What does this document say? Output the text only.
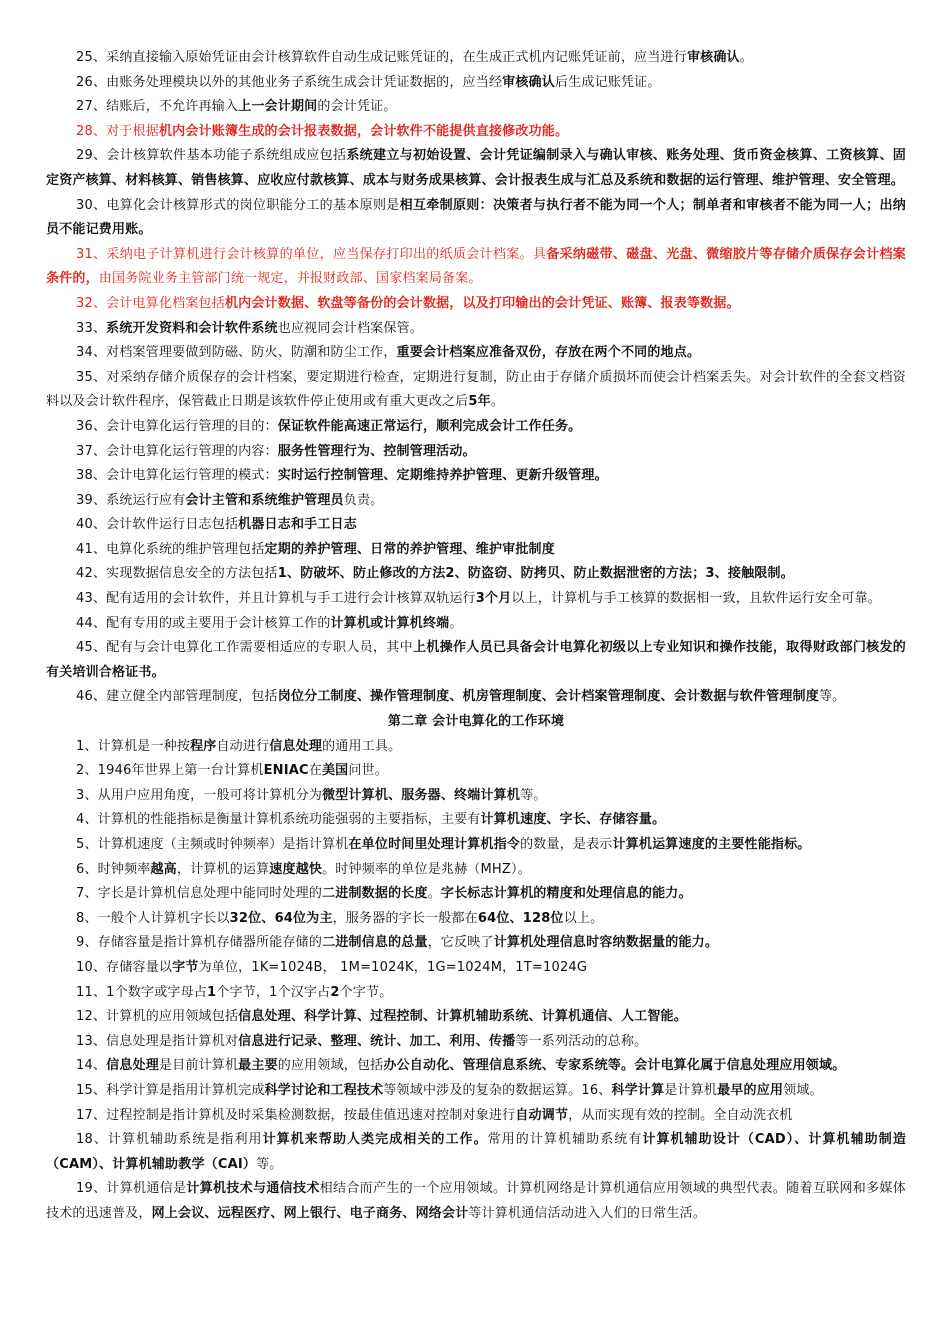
25、采纳直接输入原始凭证由会计核算软件自动生成记账凭证的，在生成正式机内记账凭证前，应当进行审核确认。
26、由账务处理模块以外的其他业务子系统生成会计凭证数据的，应当经审核确认后生成记账凭证。
27、结账后，不允许再输入上一会计期间的会计凭证。
28、对于根据机内会计账簿生成的会计报表数据，会计软件不能提供直接修改功能。
29、会计核算软件基本功能子系统组成应包括系统建立与初始设置、会计凭证编制录入与确认审核、账务处理、货币资金核算、工资核算、固定资产核算、材料核算、销售核算、应收应付款核算、成本与财务成果核算、会计报表生成与汇总及系统和数据的运行管理、维护管理、安全管理。
30、电算化会计核算形式的岗位职能分工的基本原则是相互牵制原则：决策者与执行者不能为同一个人；制单者和审核者不能为同一人；出纳员不能记费用账。
31、采纳电子计算机进行会计核算的单位，应当保存打印出的纸质会计档案。具备采纳磁带、磁盘、光盘、微缩胶片等存储介质保存会计档案条件的，由国务院业务主管部门统一规定，并报财政部、国家档案局备案。
32、会计电算化档案包括机内会计数据、软盘等备份的会计数据，以及打印输出的会计凭证、账簿、报表等数据。
33、系统开发资料和会计软件系统也应视同会计档案保管。
34、对档案管理要做到防磁、防火、防潮和防尘工作，重要会计档案应准备双份，存放在两个不同的地点。
35、对采纳存储介质保存的会计档案，要定期进行检查，定期进行复制，防止由于存储介质损坏而使会计档案丢失。对会计软件的全套文档资料以及会计软件程序，保管截止日期是该软件停止使用或有重大更改之后5年。
36、会计电算化运行管理的目的：保证软件能高速正常运行，顺利完成会计工作任务。
37、会计电算化运行管理的内容：服务性管理行为、控制管理活动。
38、会计电算化运行管理的模式：实时运行控制管理、定期维持养护管理、更新升级管理。
39、系统运行应有会计主管和系统维护管理员负责。
40、会计软件运行日志包括机器日志和手工日志
41、电算化系统的维护管理包括定期的养护管理、日常的养护管理、维护审批制度
42、实现数据信息安全的方法包括1、防破坏、防止修改的方法2、防盗窃、防拷贝、防止数据泄密的方法；3、接触限制。
43、配有适用的会计软件，并且计算机与手工进行会计核算双轨运行3个月以上，计算机与手工核算的数据相一致，且软件运行安全可靠。
44、配有专用的或主要用于会计核算工作的计算机或计算机终端。
45、配有与会计电算化工作需要相适应的专职人员，其中上机操作人员已具备会计电算化初级以上专业知识和操作技能，取得财政部门核发的有关培训合格证书。
46、建立健全内部管理制度，包括岗位分工制度、操作管理制度、机房管理制度、会计档案管理制度、会计数据与软件管理制度等。
第二章 会计电算化的工作环境
1、计算机是一种按程序自动进行信息处理的通用工具。
2、1946年世界上第一台计算机ENIAC在美国问世。
3、从用户应用角度，一般可将计算机分为微型计算机、服务器、终端计算机等。
4、计算机的性能指标是衡量计算机系统功能强弱的主要指标，主要有计算机速度、字长、存储容量。
5、计算机速度（主频或时钟频率）是指计算机在单位时间里处理计算机指令的数量，是表示计算机运算速度的主要性能指标。
6、时钟频率越高，计算机的运算速度越快。时钟频率的单位是兆赫（MHZ）。
7、字长是计算机信息处理中能同时处理的二进制数据的长度。字长标志计算机的精度和处理信息的能力。
8、一般个人计算机字长以32位、64位为主，服务器的字长一般都在64位、128位以上。
9、存储容量是指计算机存储器所能存储的二进制信息的总量，它反映了计算机处理信息时容纳数据量的能力。
10、存储容量以字节为单位，1K=1024B， 1M=1024K，1G=1024M，1T=1024G
11、1个数字或字母占1个字节，1个汉字占2个字节。
12、计算机的应用领域包括信息处理、科学计算、过程控制、计算机辅助系统、计算机通信、人工智能。
13、信息处理是指计算机对信息进行记录、整理、统计、加工、利用、传播等一系列活动的总称。
14、信息处理是目前计算机最主要的应用领域，包括办公自动化、管理信息系统、专家系统等。会计电算化属于信息处理应用领域。
15、科学计算是指用计算机完成科学讨论和工程技术等领域中涉及的复杂的数据运算。16、科学计算是计算机最早的应用领域。
17、过程控制是指计算机及时采集检测数据，按最佳值迅速对控制对象进行自动调节，从而实现有效的控制。全自动洗衣机
18、计算机辅助系统是指利用计算机来帮助人类完成相关的工作。常用的计算机辅助系统有计算机辅助设计（CAD）、计算机辅助制造（CAM）、计算机辅助教学（CAI）等。
19、计算机通信是计算机技术与通信技术相结合而产生的一个应用领域。计算机网络是计算机通信应用领域的典型代表。随着互联网和多媒体技术的迅速普及，网上会议、远程医疗、网上银行、电子商务、网络会计等计算机通信活动进入人们的日常生活。
